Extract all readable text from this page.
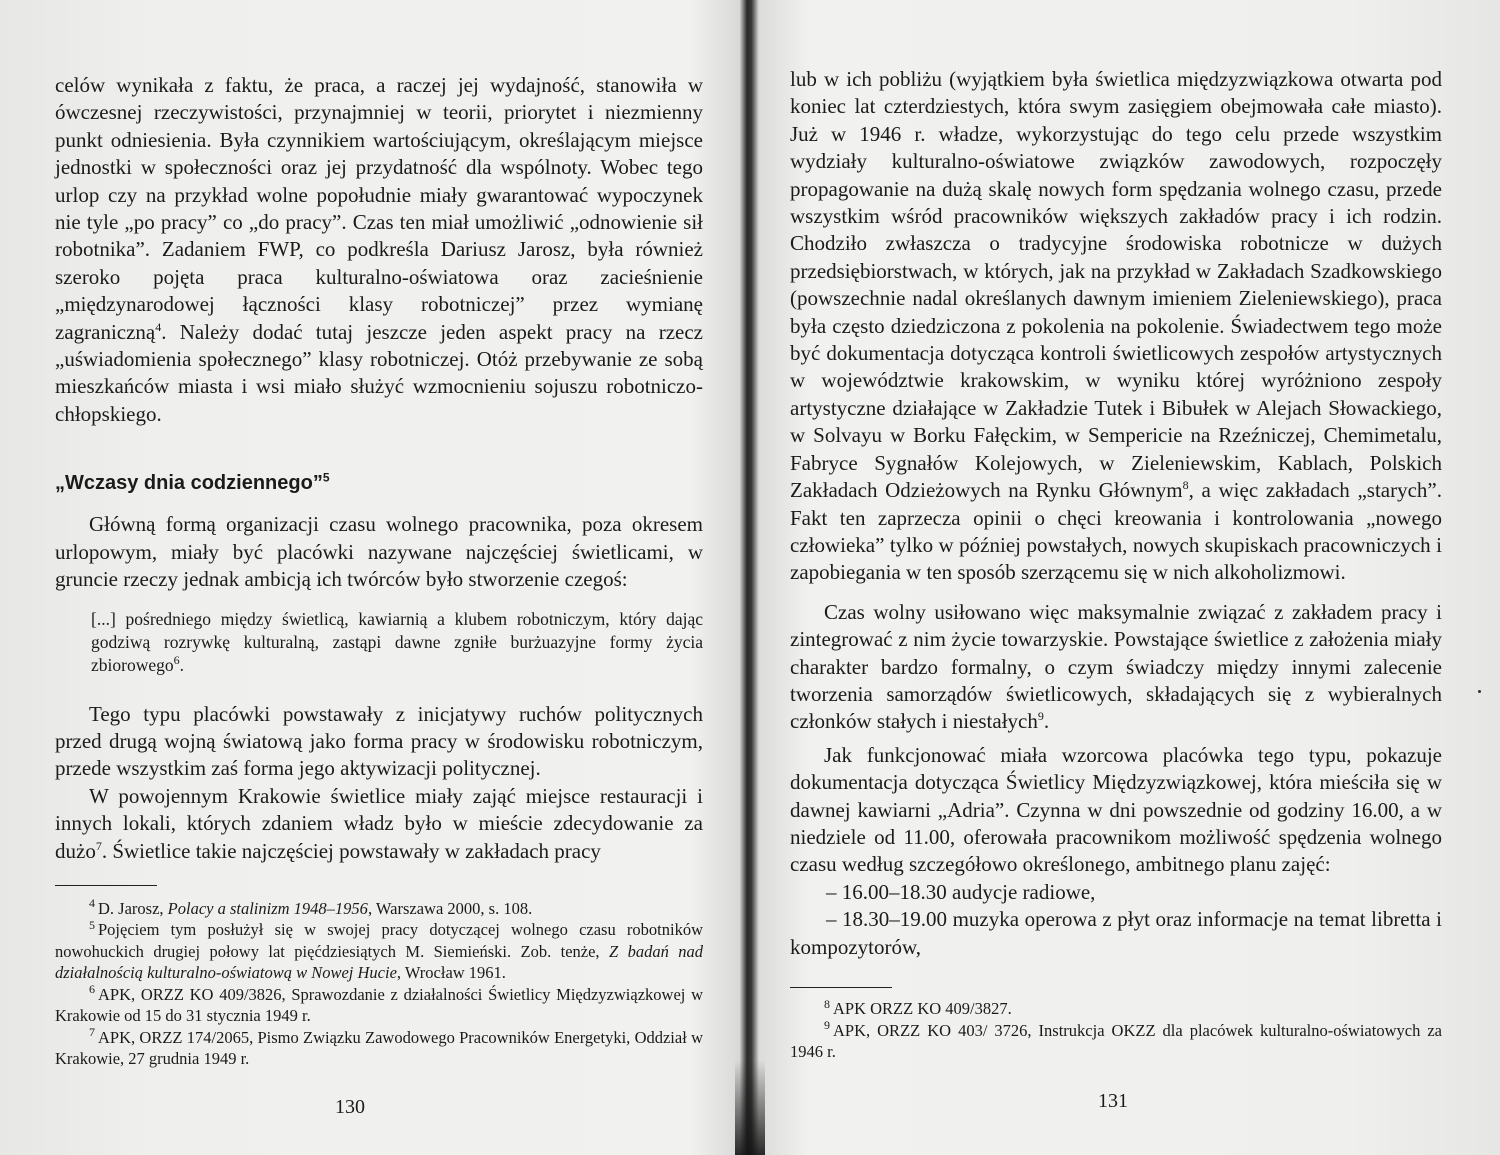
celów wynikała z faktu, że praca, a raczej jej wydajność, stanowiła w ówczesnej rzeczywistości, przynajmniej w teorii, priorytet i niezmienny punkt odniesienia. Była czynnikiem wartościującym, określającym miejsce jednostki w społeczności oraz jej przydatność dla wspólnoty. Wobec tego urlop czy na przykład wolne popołudnie miały gwarantować wypoczynek nie tyle „po pracy” co „do pracy”. Czas ten miał umożliwić „odnowienie sił robotnika”. Zadaniem FWP, co podkreśla Dariusz Jarosz, była również szeroko pojęta praca kulturalno-oświatowa oraz zacieśnienie „międzynarodowej łączności klasy robotniczej” przez wymianę zagraniczną$^4$. Należy dodać tutaj jeszcze jeden aspekt pracy na rzecz „uświadomienia społecznego” klasy robotniczej. Otóż przebywanie ze sobą mieszkańców miasta i wsi miało służyć wzmocnieniu sojuszu robotniczo-chłopskiego.

„Wczasy dnia codziennego”$^5$

Główną formą organizacji czasu wolnego pracownika, poza okresem urlopowym, miały być placówki nazywane najczęściej świetlicami, w gruncie rzeczy jednak ambicją ich twórców było stworzenie czegoś:

[...] pośredniego między świetlicą, kawiarnią a klubem robotniczym, który dając godziwą rozrywkę kulturalną, zastąpi dawne zgniłe burżuazyjne formy życia zbiorowego$^6$.

Tego typu placówki powstawały z inicjatywy ruchów politycznych przed drugą wojną światową jako forma pracy w środowisku robotniczym, przede wszystkim zaś forma jego aktywizacji politycznej.

W powojennym Krakowie świetlice miały zająć miejsce restauracji i innych lokali, których zdaniem władz było w mieście zdecydowanie za dużo$^7$. Świetlice takie najczęściej powstawały w zakładach pracy

$^4$ D. Jarosz, Polacy a stalinizm 1948–1956, Warszawa 2000, s. 108.

$^5$ Pojęciem tym posłużył się w swojej pracy dotyczącej wolnego czasu robotników nowohuckich drugiej połowy lat pięćdziesiątych M. Siemieński. Zob. tenże, Z badań nad działalnością kulturalno-oświatową w Nowej Hucie, Wrocław 1961.

$^6$ APK, ORZZ KO 409/3826, Sprawozdanie z działalności Świetlicy Międzyzwiązkowej w Krakowie od 15 do 31 stycznia 1949 r.

$^7$ APK, ORZZ 174/2065, Pismo Związku Zawodowego Pracowników Energetyki, Oddział w Krakowie, 27 grudnia 1949 r.

130

lub w ich pobliżu (wyjątkiem była świetlica międzyzwiązkowa otwarta pod koniec lat czterdziestych, która swym zasięgiem obejmowała całe miasto). Już w 1946 r. władze, wykorzystując do tego celu przede wszystkim wydziały kulturalno-oświatowe związków zawodowych, rozpoczęły propagowanie na dużą skalę nowych form spędzania wolnego czasu, przede wszystkim wśród pracowników większych zakładów pracy i ich rodzin. Chodziło zwłaszcza o tradycyjne środowiska robotnicze w dużych przedsiębiorstwach, w których, jak na przykład w Zakładach Szadkowskiego (powszechnie nadal określanych dawnym imieniem Zieleniewskiego), praca była często dziedziczona z pokolenia na pokolenie. Świadectwem tego może być dokumentacja dotycząca kontroli świetlicowych zespołów artystycznych w województwie krakowskim, w wyniku której wyróżniono zespoły artystyczne działające w Zakładzie Tutek i Bibułek w Alejach Słowackiego, w Solvayu w Borku Fałęckim, w Sempericie na Rzeźniczej, Chemimetalu, Fabryce Sygnałów Kolejowych, w Zieleniewskim, Kablach, Polskich Zakładach Odzieżowych na Rynku Głównym$^8$, a więc zakładach „starych”. Fakt ten zaprzecza opinii o chęci kreowania i kontrolowania „nowego człowieka” tylko w później powstałych, nowych skupiskach pracowniczych i zapobiegania w ten sposób szerzącemu się w nich alkoholizmowi.

Czas wolny usiłowano więc maksymalnie związać z zakładem pracy i zintegrować z nim życie towarzyskie. Powstające świetlice z założenia miały charakter bardzo formalny, o czym świadczy między innymi zalecenie tworzenia samorządów świetlicowych, składających się z wybieralnych członków stałych i niestałych$^9$.

Jak funkcjonować miała wzorcowa placówka tego typu, pokazuje dokumentacja dotycząca Świetlicy Międzyzwiązkowej, która mieściła się w dawnej kawiarni „Adria”. Czynna w dni powszednie od godziny 16.00, a w niedziele od 11.00, oferowała pracownikom możliwość spędzenia wolnego czasu według szczegółowo określonego, ambitnego planu zajęć:

– 16.00–18.30 audycje radiowe,

– 18.30–19.00 muzyka operowa z płyt oraz informacje na temat libretta i kompozytorów,

$^8$ APK ORZZ KO 409/3827.

$^9$ APK, ORZZ KO 403/ 3726, Instrukcja OKZZ dla placówek kulturalno-oświatowych za 1946 r.

131
